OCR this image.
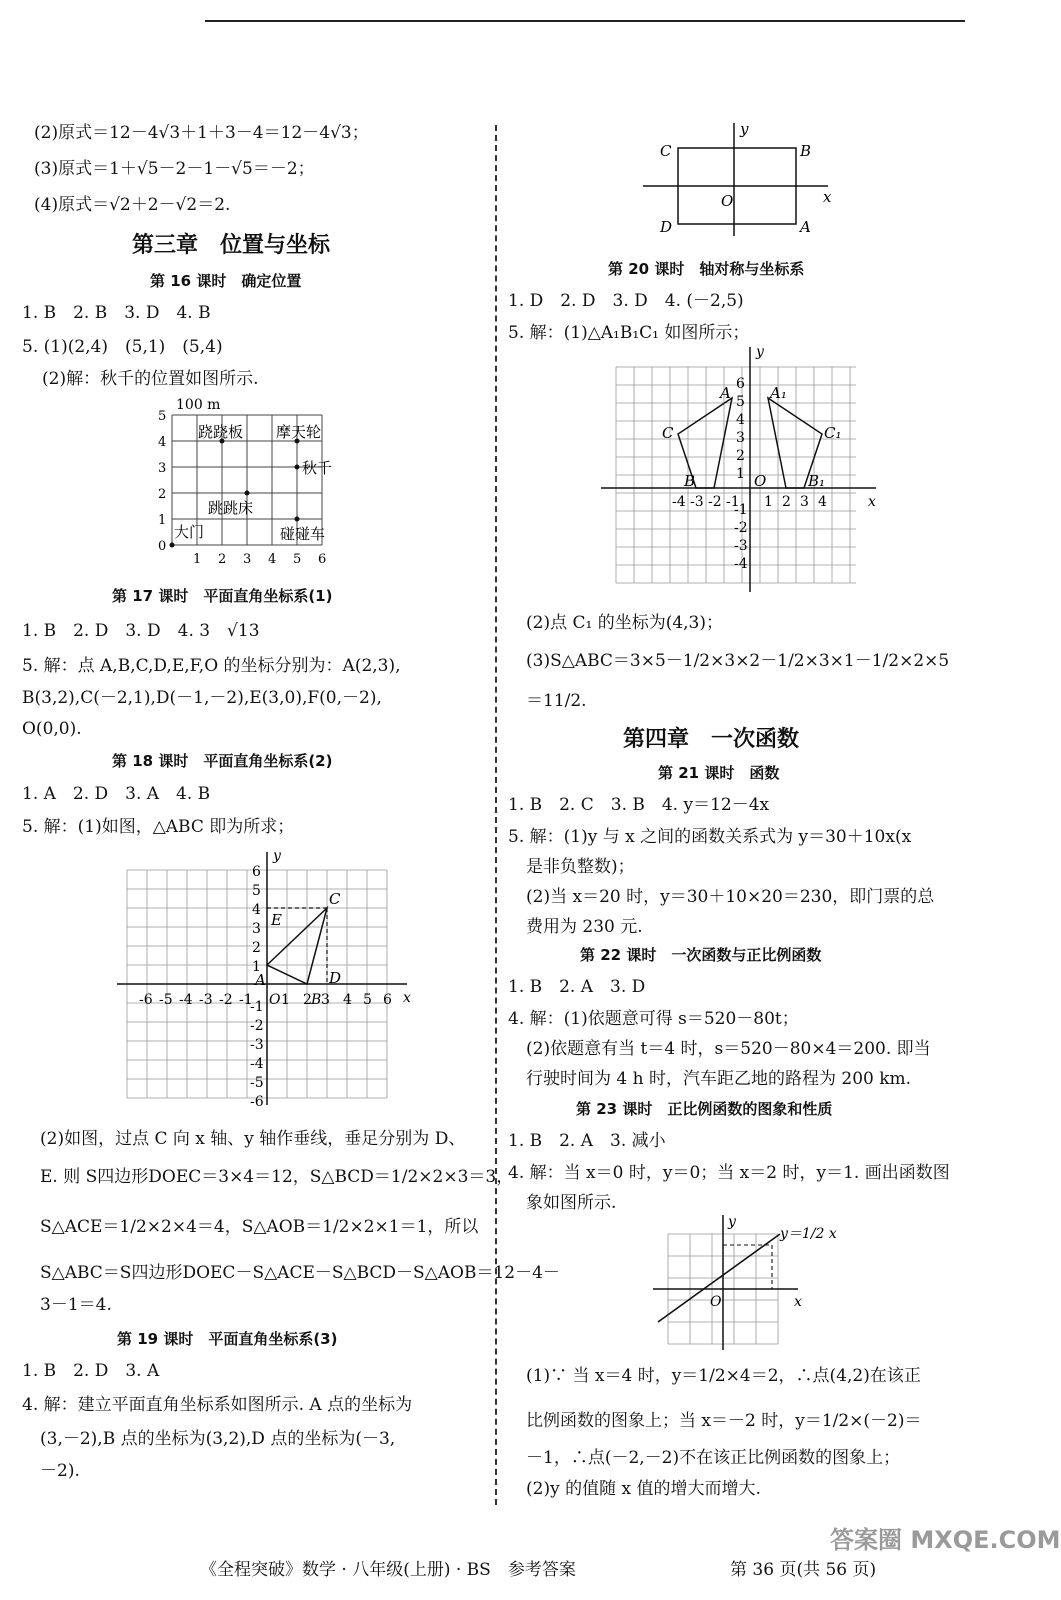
(2)原式＝12－4√3＋1＋3－4＝12－4√3；
(3)原式＝1＋√5－2－1－√5＝－2；
(4)原式＝√2＋2－√2＝2.
第三章　位置与坐标
第 16 课时　确定位置
1. B　2. B　3. D　4. B
5. (1)(2,4)　(5,1)　(5,4)
(2)解：秋千的位置如图所示.
100 m
5
4
3
2
1
0
1 2 3 4 5 6
跷跷板 摩天轮
秋千
跳跳床
大门	碰碰车
第 17 课时　平面直角坐标系(1)
1. B　2. D　3. D　4. 3　√13
5. 解：点 A,B,C,D,E,F,O 的坐标分别为：A(2,3),
B(3,2),C(－2,1),D(－1,－2),E(3,0),F(0,－2),
O(0,0).
第 18 课时　平面直角坐标系(2)
1. A　2. D　3. A　4. B
5. 解：(1)如图，△ABC 即为所求；
x
y
6
5
4
3
2
1
-1
-2
-3
-4
-5
-6
-6 -5 -4 -3 -2 -1 O 1 2 B 3 4 5 6
A
C
D
E
(2)如图，过点 C 向 x 轴、y 轴作垂线，垂足分别为 D、
E. 则 S四边形DOEC＝3×4＝12，S△BCD＝1/2×2×3＝3，
S△ACE＝1/2×2×4＝4，S△AOB＝1/2×2×1＝1，所以
S△ABC＝S四边形DOEC－S△ACE－S△BCD－S△AOB＝12－4－
3－1＝4.
第 19 课时　平面直角坐标系(3)
1. B　2. D　3. A
4. 解：建立平面直角坐标系如图所示. A 点的坐标为
(3,－2),B 点的坐标为(3,2),D 点的坐标为(－3,
－2).
x
y
C	B
D	A
O
第 20 课时　轴对称与坐标系
1. D　2. D　3. D　4. (－2,5)
5. 解：(1)△A₁B₁C₁ 如图所示；
x
y
6
5
4
3
2
1
-1
-2
-3
-4
-4 -3 -2 -1 1 2 3 4
A	A₁
C	C₁
B	B₁
O
(2)点 C₁ 的坐标为(4,3)；
(3)S△ABC＝3×5－1/2×3×2－1/2×3×1－1/2×2×5
＝11/2.
第四章　一次函数
第 21 课时　函数
1. B　2. C　3. B　4. y＝12－4x
5. 解：(1)y 与 x 之间的函数关系式为 y＝30＋10x(x
是非负整数)；
(2)当 x＝20 时，y＝30＋10×20＝230，即门票的总
费用为 230 元.
第 22 课时　一次函数与正比例函数
1. B　2. A　3. D
4. 解：(1)依题意可得 s＝520－80t；
(2)依题意有当 t＝4 时，s＝520－80×4＝200. 即当
行驶时间为 4 h 时，汽车距乙地的路程为 200 km.
第 23 课时　正比例函数的图象和性质
1. B　2. A　3. 减小
4. 解：当 x＝0 时，y＝0；当 x＝2 时，y＝1. 画出函数图
象如图所示.
x
y
O
y＝1/2 x
(1)∵ 当 x＝4 时，y＝1/2×4＝2，∴点(4,2)在该正
比例函数的图象上；当 x＝－2 时，y＝1/2×(－2)＝
－1，∴点(－2,－2)不在该正比例函数的图象上；
(2)y 的值随 x 值的增大而增大.
《全程突破》数学 · 八年级(上册) · BS　参考答案	第 36 页(共 56 页)
答案圈 MXQE.COM
